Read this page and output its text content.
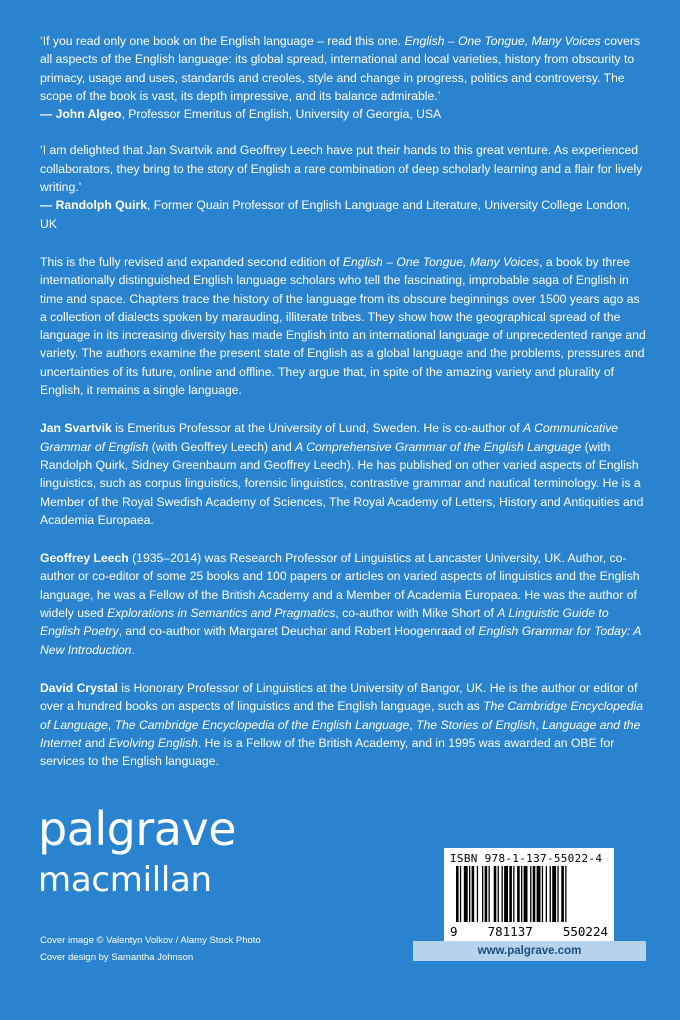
‘If you read only one book on the English language – read this one. English – One Tongue, Many Voices covers all aspects of the English language: its global spread, international and local varieties, history from obscurity to primacy, usage and uses, standards and creoles, style and change in progress, politics and controversy. The scope of the book is vast, its depth impressive, and its balance admirable.’

— John Algeo, Professor Emeritus of English, University of Georgia, USA

‘I am delighted that Jan Svartvik and Geoffrey Leech have put their hands to this great venture. As experienced collaborators, they bring to the story of English a rare combination of deep scholarly learning and a flair for lively writing.’

— Randolph Quirk, Former Quain Professor of English Language and Literature, University College London, UK

This is the fully revised and expanded second edition of English – One Tongue, Many Voices, a book by three internationally distinguished English language scholars who tell the fascinating, improbable saga of English in time and space. Chapters trace the history of the language from its obscure beginnings over 1500 years ago as a collection of dialects spoken by marauding, illiterate tribes. They show how the geographical spread of the language in its increasing diversity has made English into an international language of unprecedented range and variety. The authors examine the present state of English as a global language and the problems, pressures and uncertainties of its future, online and offline. They argue that, in spite of the amazing variety and plurality of English, it remains a single language.

Jan Svartvik is Emeritus Professor at the University of Lund, Sweden. He is co-author of A Communicative Grammar of English (with Geoffrey Leech) and A Comprehensive Grammar of the English Language (with Randolph Quirk, Sidney Greenbaum and Geoffrey Leech). He has published on other varied aspects of English linguistics, such as corpus linguistics, forensic linguistics, contrastive grammar and nautical terminology. He is a Member of the Royal Swedish Academy of Sciences, The Royal Academy of Letters, History and Antiquities and Academia Europaea.

Geoffrey Leech (1935–2014) was Research Professor of Linguistics at Lancaster University, UK. Author, co-author or co-editor of some 25 books and 100 papers or articles on varied aspects of linguistics and the English language, he was a Fellow of the British Academy and a Member of Academia Europaea. He was the author of widely used Explorations in Semantics and Pragmatics, co-author with Mike Short of A Linguistic Guide to English Poetry, and co-author with Margaret Deuchar and Robert Hoogenraad of English Grammar for Today: A New Introduction.

David Crystal is Honorary Professor of Linguistics at the University of Bangor, UK. He is the author or editor of over a hundred books on aspects of linguistics and the English language, such as The Cambridge Encyclopedia of Language, The Cambridge Encyclopedia of the English Language, The Stories of English, Language and the Internet and Evolving English. He is a Fellow of the British Academy, and in 1995 was awarded an OBE for services to the English language.

palgrave
macmillan
Cover image © Valentyn Volkov / Alamy Stock Photo
Cover design by Samantha Johnson
ISBN 978-1-137-55022-4
9 781137 550224
www.palgrave.com
